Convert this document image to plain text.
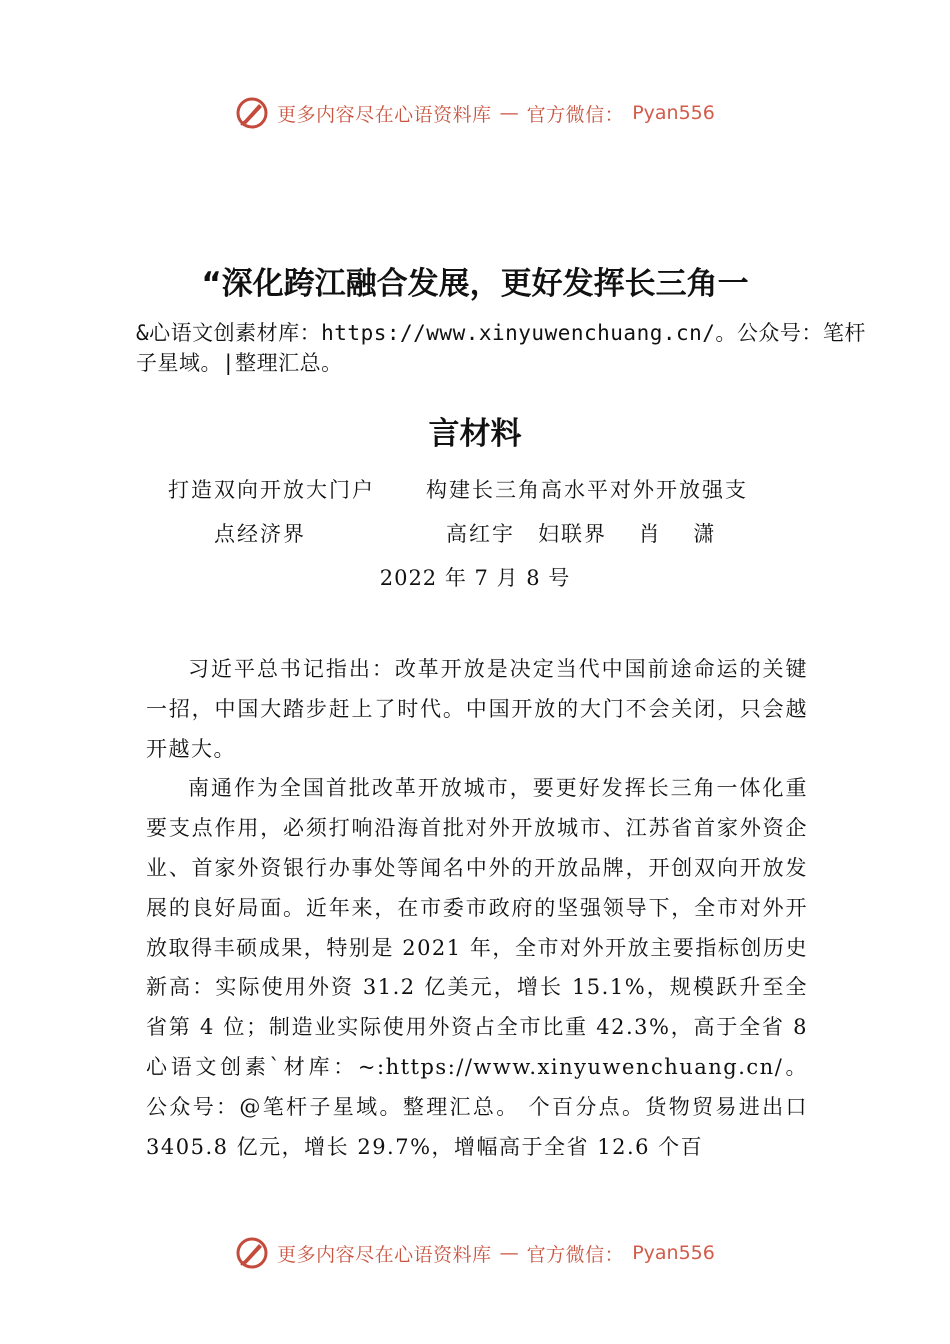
更多内容尽在心语资料库 — 官方微信： Pyan556
“深化跨江融合发展，更好发挥长三角一
&心语文创素材库：https://www.xinyuwenchuang.cn/。公众号：笔杆子星域。|整理汇总。
言材料
打造双向开放大门户 构建长三角高水平对外开放强支
点经济界	高红宇　妇联界　 肖　 潇
2022 年 7 月 8 号

习近平总书记指出：改革开放是决定当代中国前途命运的关键一招，中国大踏步赶上了时代。中国开放的大门不会关闭，只会越开越大。

南通作为全国首批改革开放城市，要更好发挥长三角一体化重要支点作用，必须打响沿海首批对外开放城市、江苏省首家外资企业、首家外资银行办事处等闻名中外的开放品牌，开创双向开放发展的良好局面。近年来，在市委市政府的坚强领导下，全市对外开放取得丰硕成果，特别是 2021 年，全市对外开放主要指标创历史新高：实际使用外资 31.2 亿美元，增长 15.1%，规模跃升至全省第 4 位；制造业实际使用外资占全市比重 42.3%，高于全省 8心语文创素`材库：~:https://www.xinyuwenchuang.cn/。公众号：@笔杆子星域。整理汇总。 个百分点。货物贸易进出口 3405.8 亿元，增长 29.7%，增幅高于全省 12.6 个百

更多内容尽在心语资料库 — 官方微信： Pyan556
